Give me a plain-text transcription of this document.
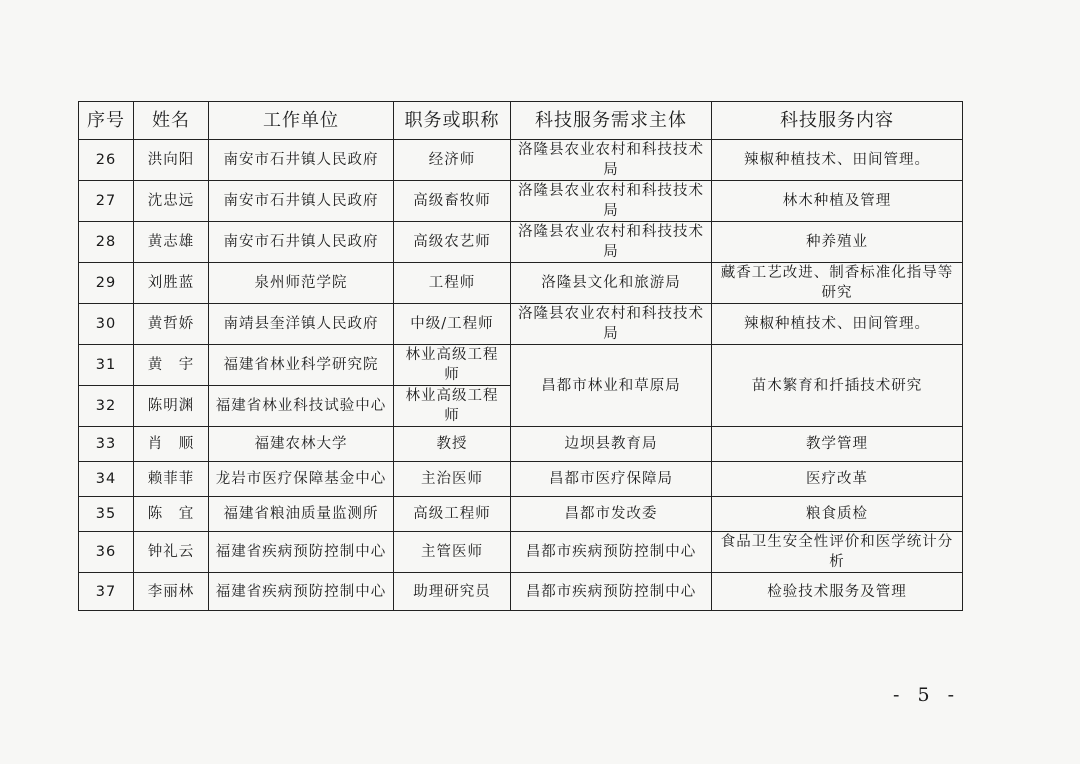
序号	姓名	工作单位	职务或职称	科技服务需求主体	科技服务内容
26	洪向阳	南安市石井镇人民政府	经济师	洛隆县农业农村和科技技术局	辣椒种植技术、田间管理。
27	沈忠远	南安市石井镇人民政府	高级畜牧师	洛隆县农业农村和科技技术局	林木种植及管理
28	黄志雄	南安市石井镇人民政府	高级农艺师	洛隆县农业农村和科技技术局	种养殖业
29	刘胜蓝	泉州师范学院	工程师	洛隆县文化和旅游局	藏香工艺改进、制香标准化指导等研究
30	黄哲娇	南靖县奎洋镇人民政府	中级/工程师	洛隆县农业农村和科技技术局	辣椒种植技术、田间管理。
31	黄　宇	福建省林业科学研究院	林业高级工程师	昌都市林业和草原局	苗木繁育和扦插技术研究
32	陈明渊	福建省林业科技试验中心	林业高级工程师		
33	肖　顺	福建农林大学	教授	边坝县教育局	教学管理
34	赖菲菲	龙岩市医疗保障基金中心	主治医师	昌都市医疗保障局	医疗改革
35	陈　宜	福建省粮油质量监测所	高级工程师	昌都市发改委	粮食质检
36	钟礼云	福建省疾病预防控制中心	主管医师	昌都市疾病预防控制中心	食品卫生安全性评价和医学统计分析
37	李丽林	福建省疾病预防控制中心	助理研究员	昌都市疾病预防控制中心	检验技术服务及管理
- 5 -
